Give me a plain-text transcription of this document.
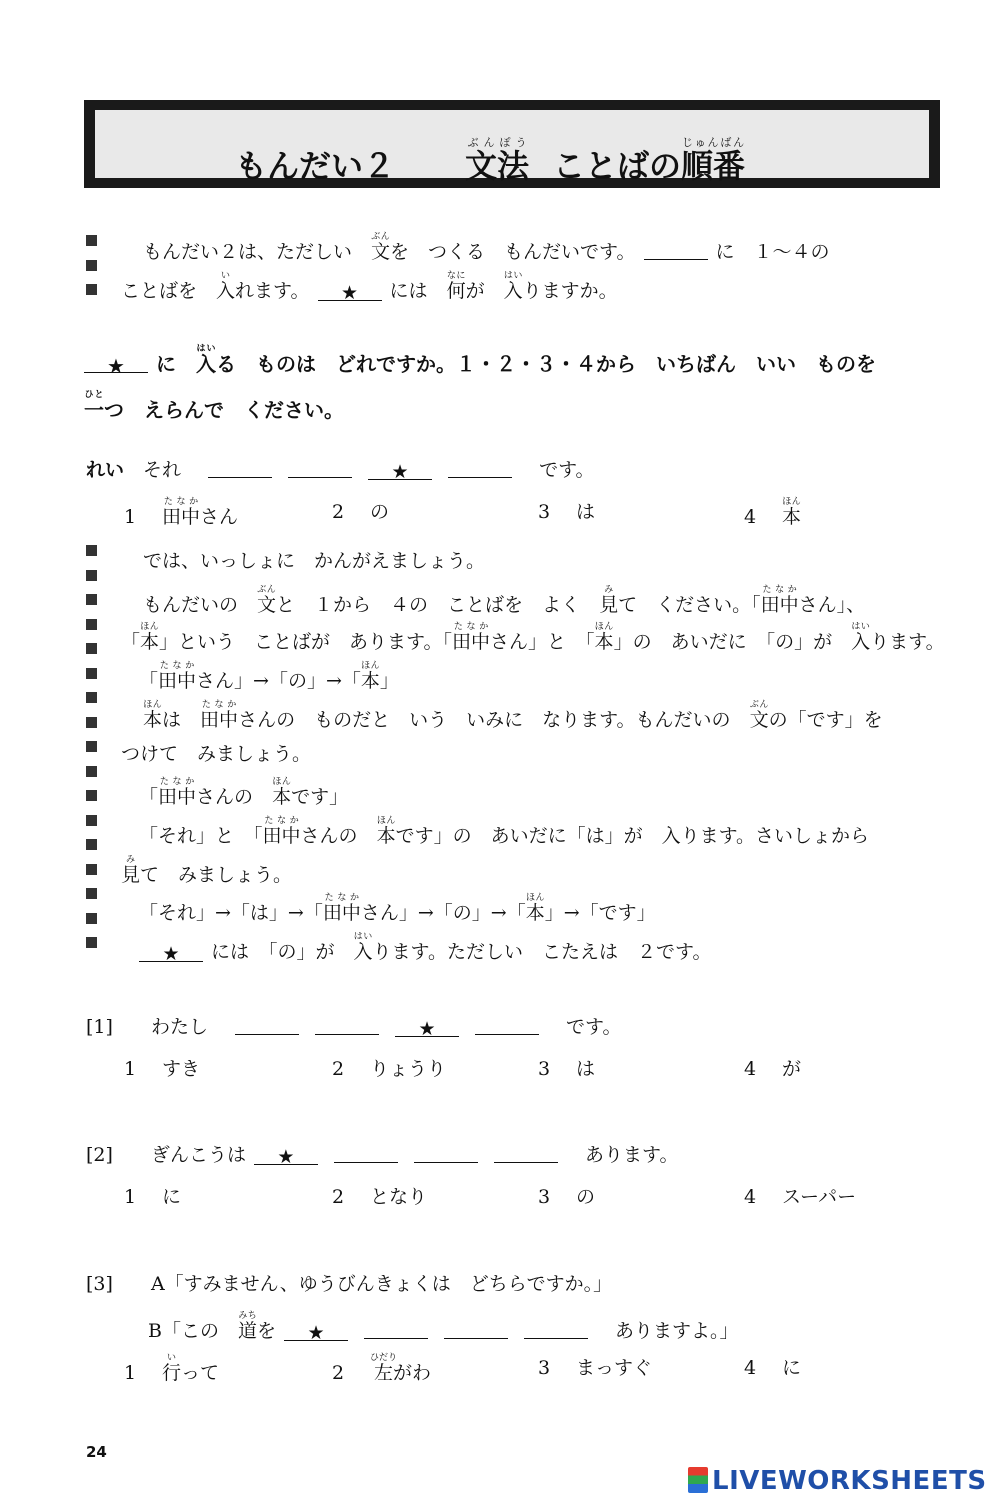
もんだい２ 文法ぶんぽうことばの順番じゅんばん
もんだい２は、ただしい　 文ぶんを　つくる　もんだいです。	に　１〜４の
ことばを　 入いれます。 ★ には　 何なにが　 入はいりますか。
★ に　 入はいる　ものは　どれですか。１・２・３・４から　いちばん　いい　ものを
一ひとつ　えらんで　ください。
れい　 それ　	★　	です。
1 田中たなかさん	2 の	3 は	4 本ほん
では、いっしょに　かんがえましょう。
もんだいの　 文ぶんと　１から　４の　ことばを　よく　 見みて　ください。「田中たなかさん」、
「本ほん」という　ことばが　あります。「田中たなかさん」と　「本ほん」の　あいだに　「の」が　 入はいります。
「田中たなかさん」→「の」→「本ほん」
本ほんは　 田中たなかさんの　ものだと　いう　いみに　なります。もんだいの　 文ぶんの「です」を
つけて　みましょう。
「田中たなかさんの　 本ほんです」
「それ」と　「田中たなかさんの　 本ほんです」の　あいだに「は」が　入ります。さいしょから
見みて　みましょう。
「それ」→「は」→「田中たなかさん」→「の」→「本ほん」→「です」
★ には　「の」が　 入はいります。ただしい　こたえは　２です。
[1]　　 わたし　	★　	です。
1 すき	2 りょうり	3 は	4 が
[2]　　 ぎんこうは ★　	あります。
1 に	2 となり	3 の	4 スーパー
[3]　　 A「すみません、ゆうびんきょくは　どちらですか。」
B「この　 道みちを ★　	ありますよ。」
1 行いって	2 左ひだりがわ	3 まっすぐ	4 に
24
LIVEWORKSHEETS
